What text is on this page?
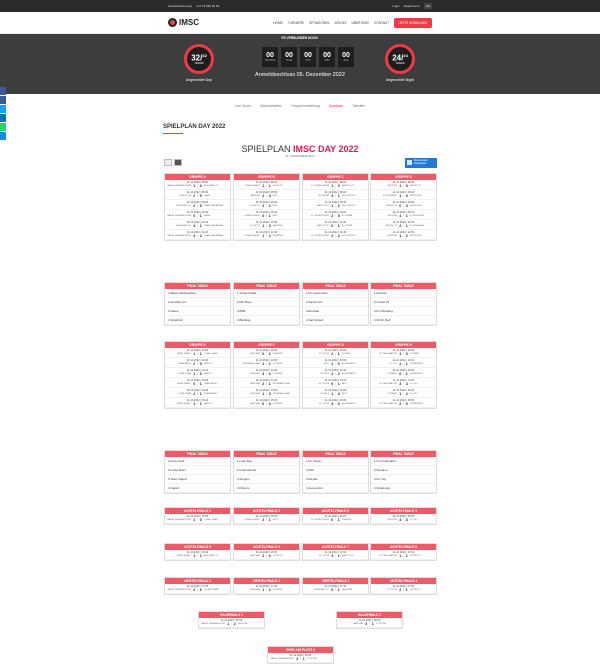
Kundenbetreuung +41 79 649 56 82	Login Registrieren	EN
IMSC	HOME TURNIERE SPONSOREN ARCHIV ÜBER IMSC KONTAKT	JETZT ANMELDEN
ES VERBLEIBEN NOCH:
32/$^{32}$
TEAMS
Angemeldet Day
24/$^{24}$
TEAMS
Angemeldet Night
00
MONATE
00
TAGE
00
STD
00
MIN
00
SEK
Anmeldeschluss 05. Dezember 2022
Live Score	Mannschaften	Gruppeneinteilung	Spielplan	Tabellen
SPIELPLAN DAY 2022
SPIELPLAN IMSC DAY 2022
11. DEZEMBER 2022
Download Spielplan
GRUPPE A
11.12.2022 | 08:00
BASEL WEIHNACHTEN 1 | 3 AUXILIARY FC
11.12.2022 | 08:40
SPIELCLUB 2 | 0 GAME
11.12.2022 | 09:20
AUXILIARY FC 2 | 0 TEAM CARIBBEAN
11.12.2022 | 10:00
BASEL WEIHNACHTEN 0 | 1 GAME
11.12.2022 | 10:40
AUXILIARY FC 4 | 1 TEAM CARIBBEAN
11.12.2022 | 11:20
BASEL WEIHNACHTEN 3 | 2 TEAM CARIBBEAN
GRUPPE B
11.12.2022 | 08:10
SCHACH MATT 1 | 1 DG BOYS
11.12.2022 | 08:50
BANKING 2 | 3 BWL
11.12.2022 | 09:30
DG BOYS 2 | 2 BWL
11.12.2022 | 10:10
SCHACH MATT 0 | 1 BWL
11.12.2022 | 10:50
DG BOYS 1 | 0 BANKING
11.12.2022 | 11:30
SCHACH MATT 1 | 2 BANKING
GRUPPE C
11.12.2022 | 08:20
FC HORIZONTEN 1 | 0 SANTOS FC
11.12.2022 | 09:00
ECOSTAR 3 | 1 SALI UNITED
11.12.2022 | 09:40
SANTOS FC 1 | 2 SALI UNITED
11.12.2022 | 10:20
FC HORIZONTEN 2 | 0 ECOSTAR
11.12.2022 | 11:00
SANTOS FC 0 | 1 ECOSTAR
11.12.2022 | 11:40
FC HORIZONTEN 2 | 2 SALI UNITED
GRUPPE D
11.12.2022 | 08:30
DROPSIE 1 | 0 UNITED 22
11.12.2022 | 09:10
FC MUSTANG 1 | 0 SMITH DELI
11.12.2022 | 09:50
UNITED 22 0 | 3 SMITH DELI
11.12.2022 | 10:30
DROPSIE 4 | 1 FC MUSTANG
11.12.2022 | 11:10
UNITED 22 2 | 1 FC MUSTANG
11.12.2022 | 11:50
DROPSIE 1 | 2 SMITH DELI
FINAL TABLE
1.Basel Weihnachten
2.Auxiliary FC
3.Game
4.Spielclub
FINAL TABLE
1.Schach Matt
2.DG Boys
3.BWL
4.Banking
FINAL TABLE
1.FC Horizonten
2.Santos FC
3.EcoStar
4.Sali United
FINAL TABLE
1.Dropsie
2.United 22
3.FC Mustang
4.Smith Deli
GRUPPE E
11.12.2022 | 12:00
FREIE KRAFT 1 | 1 LOKAL TEAM
11.12.2022 | 12:40
TEAM RAPID 2 | 0 NAPOLI
11.12.2022 | 13:20
LOKAL TEAM 1 | 0 NAPOLI
11.12.2022 | 14:00
FREIE KRAFT 0 | 1 TEAM RAPID
11.12.2022 | 14:40
LOKAL TEAM 2 | 1 TEAM RAPID
11.12.2022 | 15:20
FREIE KRAFT 1 | 2 NAPOLI
GRUPPE F
11.12.2022 | 12:10
LAKE BAY 0 | 2 SINGERS
11.12.2022 | 12:50
INTERNATIONAL 1 | 1 KICKERS
11.12.2022 | 13:30
SINGERS 3 | 0 KICKERS
11.12.2022 | 14:10
LAKE BAY 2 | 1 INTERNATIONAL
11.12.2022 | 14:50
SINGERS 1 | 0 INTERNATIONAL
11.12.2022 | 15:30
LAKE BAY 0 | 0 KICKERS
GRUPPE G
11.12.2022 | 12:20
FC WYDE 2 | 1 ROYALS
11.12.2022 | 13:00
MIXT 1 | 0 AUSSENRIST
11.12.2022 | 13:40
ROYALS 2 | 2 AUSSENRIST
11.12.2022 | 14:20
FC WYDE 0 | 1 MIXT
11.12.2022 | 15:00
ROYALS 1 | 3 MIXT
11.12.2022 | 15:40
FC WYDE 4 | 0 AUSSENRIST
GRUPPE H
11.12.2022 | 12:30
FC PRELIMATION 1 | 0 DYNAMO
11.12.2022 | 13:10
FC JOY 2 | 1 STRAVINSKY
11.12.2022 | 13:50
DYNAMO 0 | 1 STRAVINSKY
11.12.2022 | 14:30
FC PRELIMATION 3 | 3 FC JOY
11.12.2022 | 15:10
DYNAMO 1 | 2 FC JOY
11.12.2022 | 15:50
FC PRELIMATION 2 | 0 STRAVINSKY
FINAL TABLE
1.Freie Kraft
2.Lokal Team
3.Team Rapid
4.Napoli
FINAL TABLE
1.Lake Bay
2.International
3.Singers
4.Kickers
FINAL TABLE
1.FC Wyde
2.Mixt
3.Royals
4.Aussenrist
FINAL TABLE
1.FC Prelimation
2.Dynamo
3.FC Joy
4.Stravinsky
ACHTELFINALE 1
11.12.2022 | 16:00
BASEL WEIHNACHTEN 1 | 0 LOKAL TEAM
ACHTELFINALE 2
11.12.2022 | 16:10
SCHACH MATT 2 | 1 MIXT
ACHTELFINALE 3
11.12.2022 | 16:20
FC HORIZONTEN 0 | 1 SINGERS
ACHTELFINALE 4
11.12.2022 | 16:30
DROPSIE 4 | 3 FC JOY
ACHTELFINALE 5
11.12.2022 | 16:40
FREIE KRAFT 1 | 2 AUXILIARY FC
ACHTELFINALE 6
11.12.2022 | 16:50
LAKE BAY 2 | 0 DG BOYS
ACHTELFINALE 7
11.12.2022 | 17:00
FC WYDE 3 | 1 SANTOS FC
ACHTELFINALE 8
11.12.2022 | 17:10
FC PRELIMATION 1 | 1 UNITED 22
VIERTELFINALE 1
11.12.2022 | 17:20
BASEL WEIHNACHTEN 2 | 0 SCHACH MATT
VIERTELFINALE 2
11.12.2022 | 17:30
SINGERS 1 | 2 DROPSIE
VIERTELFINALE 3
11.12.2022 | 17:40
AUXILIARY FC 0 | 1 LAKE BAY
VIERTELFINALE 4
11.12.2022 | 17:50
FC WYDE 2 | 1 UNITED 22
HALBFINALE 1
11.12.2022 | 18:10
BASEL WEIHNACHTEN 1 | 2 DROPSIE
HALBFINALE 2
11.12.2022 | 18:20
LAKE BAY 3 | 1 FC WYDE
SPIEL UM PLATZ 3
11.12.2022 | 18:40
BASEL WEIHNACHTEN 2 | 1 FC WYDE
